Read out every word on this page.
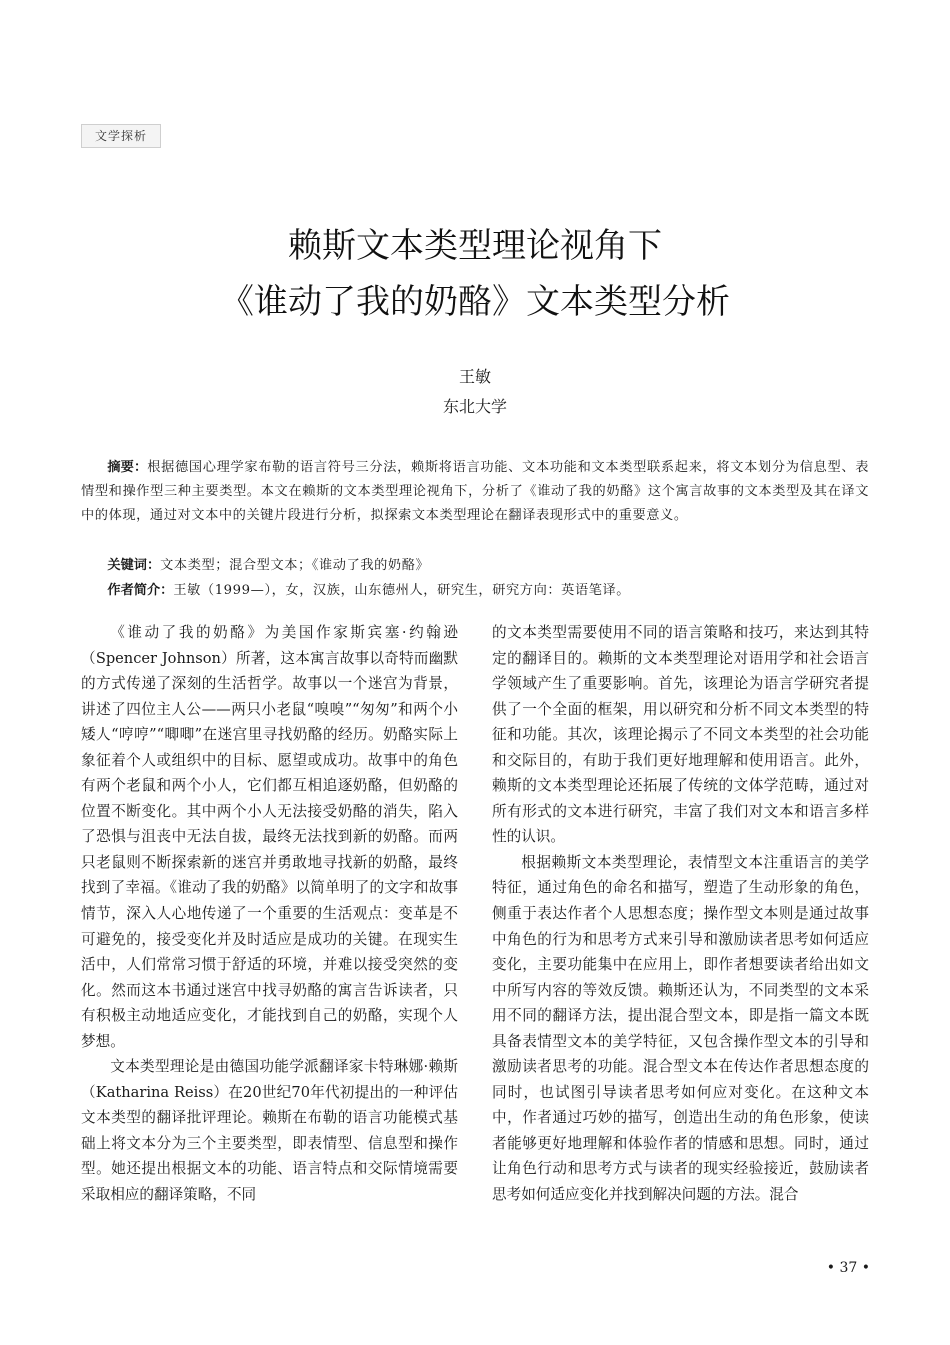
文学探析
赖斯文本类型理论视角下
《谁动了我的奶酪》文本类型分析
王敏
东北大学
摘要：根据德国心理学家布勒的语言符号三分法，赖斯将语言功能、文本功能和文本类型联系起来，将文本划分为信息型、表情型和操作型三种主要类型。本文在赖斯的文本类型理论视角下，分析了《谁动了我的奶酪》这个寓言故事的文本类型及其在译文中的体现，通过对文本中的关键片段进行分析，拟探索文本类型理论在翻译表现形式中的重要意义。
关键词：文本类型；混合型文本；《谁动了我的奶酪》
作者简介：王敏（1999—），女，汉族，山东德州人，研究生，研究方向：英语笔译。

《谁动了我的奶酪》为美国作家斯宾塞·约翰逊（Spencer Johnson）所著，这本寓言故事以奇特而幽默的方式传递了深刻的生活哲学。故事以一个迷宫为背景，讲述了四位主人公——两只小老鼠“嗅嗅”“匆匆”和两个小矮人“哼哼”“唧唧”在迷宫里寻找奶酪的经历。奶酪实际上象征着个人或组织中的目标、愿望或成功。故事中的角色有两个老鼠和两个小人，它们都互相追逐奶酪，但奶酪的位置不断变化。其中两个小人无法接受奶酪的消失，陷入了恐惧与沮丧中无法自拔，最终无法找到新的奶酪。而两只老鼠则不断探索新的迷宫并勇敢地寻找新的奶酪，最终找到了幸福。《谁动了我的奶酪》以简单明了的文字和故事情节，深入人心地传递了一个重要的生活观点：变革是不可避免的，接受变化并及时适应是成功的关键。在现实生活中，人们常常习惯于舒适的环境，并难以接受突然的变化。然而这本书通过迷宫中找寻奶酪的寓言告诉读者，只有积极主动地适应变化，才能找到自己的奶酪，实现个人梦想。

文本类型理论是由德国功能学派翻译家卡特琳娜·赖斯（Katharina Reiss）在20世纪70年代初提出的一种评估文本类型的翻译批评理论。赖斯在布勒的语言功能模式基础上将文本分为三个主要类型，即表情型、信息型和操作型。她还提出根据文本的功能、语言特点和交际情境需要采取相应的翻译策略，不同

的文本类型需要使用不同的语言策略和技巧，来达到其特定的翻译目的。赖斯的文本类型理论对语用学和社会语言学领域产生了重要影响。首先，该理论为语言学研究者提供了一个全面的框架，用以研究和分析不同文本类型的特征和功能。其次，该理论揭示了不同文本类型的社会功能和交际目的，有助于我们更好地理解和使用语言。此外，赖斯的文本类型理论还拓展了传统的文体学范畴，通过对所有形式的文本进行研究，丰富了我们对文本和语言多样性的认识。

根据赖斯文本类型理论，表情型文本注重语言的美学特征，通过角色的命名和描写，塑造了生动形象的角色，侧重于表达作者个人思想态度；操作型文本则是通过故事中角色的行为和思考方式来引导和激励读者思考如何适应变化，主要功能集中在应用上，即作者想要读者给出如文中所写内容的等效反馈。赖斯还认为，不同类型的文本采用不同的翻译方法，提出混合型文本，即是指一篇文本既具备表情型文本的美学特征，又包含操作型文本的引导和激励读者思考的功能。混合型文本在传达作者思想态度的同时，也试图引导读者思考如何应对变化。在这种文本中，作者通过巧妙的描写，创造出生动的角色形象，使读者能够更好地理解和体验作者的情感和思想。同时，通过让角色行动和思考方式与读者的现实经验接近，鼓励读者思考如何适应变化并找到解决问题的方法。混合

• 37 •
